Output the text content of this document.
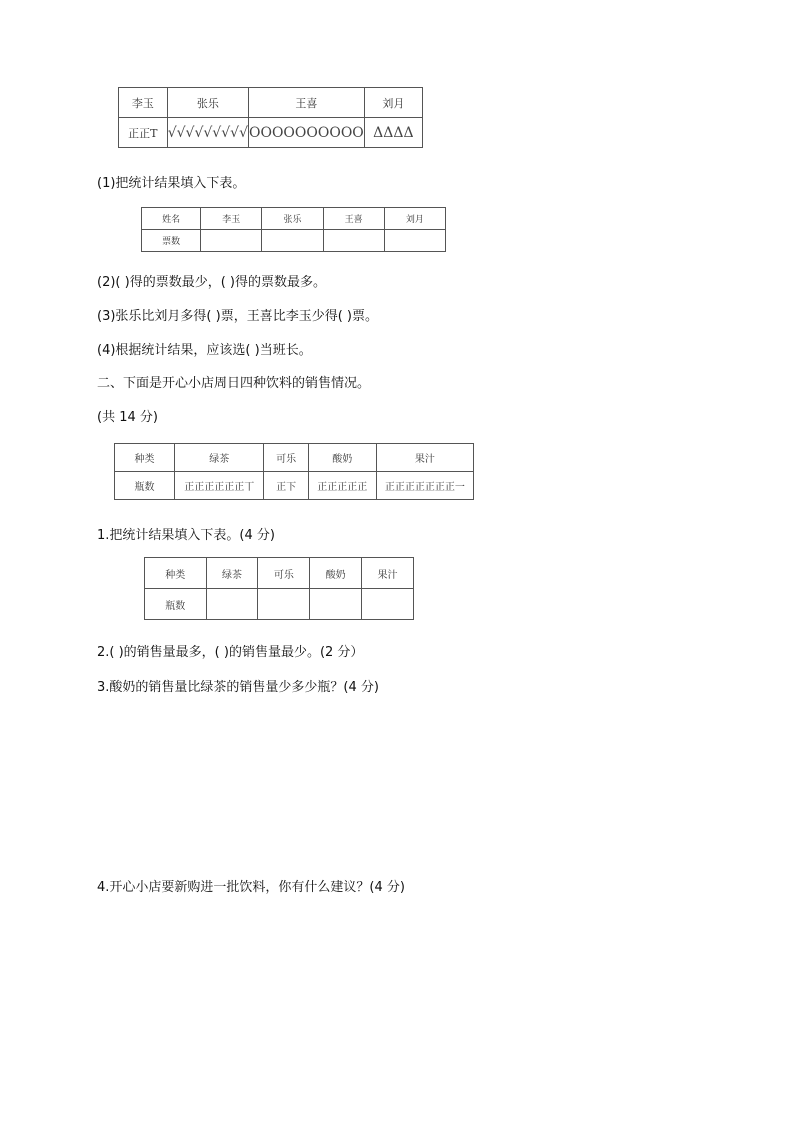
李玉	张乐	王喜	刘月
正正T	√√√√√√√√√	OOOOOOOOOO	ΔΔΔΔ
(1)把统计结果填入下表。
姓名	李玉	张乐	王喜	刘月
票数				
(2)( )得的票数最少，( )得的票数最多。
(3)张乐比刘月多得( )票，王喜比李玉少得( )票。
(4)根据统计结果，应该选( )当班长。
二、下面是开心小店周日四种饮料的销售情况。
(共 14 分)
种类	绿茶	可乐	酸奶	果汁
瓶数	正正正正正正丅	正下	正正正正正	正正正正正正正一
1.把统计结果填入下表。(4 分)
种类	绿茶	可乐	酸奶	果汁
瓶数				
2.( )的销售量最多，( )的销售量最少。(2 分）
3.酸奶的销售量比绿茶的销售量少多少瓶？(4 分)
4.开心小店要新购进一批饮料，你有什么建议？(4 分)
